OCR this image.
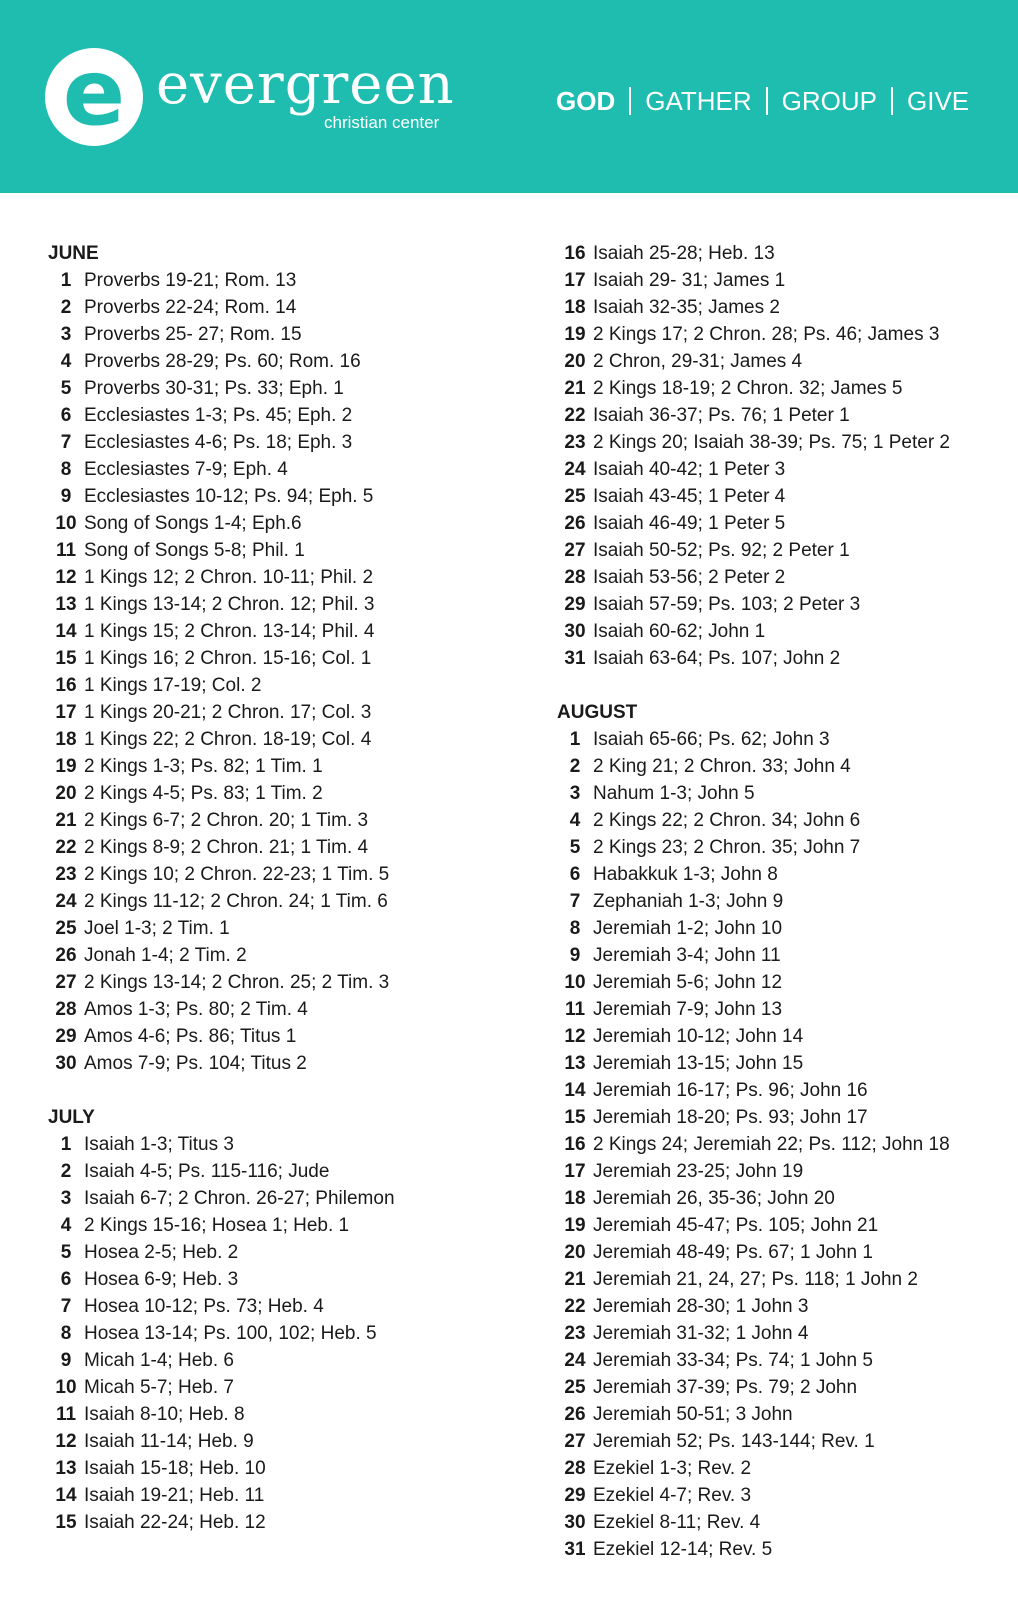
e evergreen
christian center
GOD GATHER GROUP GIVE
JUNE
1 Proverbs 19-21; Rom. 13
2 Proverbs 22-24; Rom. 14
3 Proverbs 25- 27; Rom. 15
4 Proverbs 28-29; Ps. 60; Rom. 16
5 Proverbs 30-31; Ps. 33; Eph. 1
6 Ecclesiastes 1-3; Ps. 45; Eph. 2
7 Ecclesiastes 4-6; Ps. 18; Eph. 3
8 Ecclesiastes 7-9; Eph. 4
9 Ecclesiastes 10-12; Ps. 94; Eph. 5
10 Song of Songs 1-4; Eph.6
11 Song of Songs 5-8; Phil. 1
12 1 Kings 12; 2 Chron. 10-11; Phil. 2
13 1 Kings 13-14; 2 Chron. 12; Phil. 3
14 1 Kings 15; 2 Chron. 13-14; Phil. 4
15 1 Kings 16; 2 Chron. 15-16; Col. 1
16 1 Kings 17-19; Col. 2
17 1 Kings 20-21; 2 Chron. 17; Col. 3
18 1 Kings 22; 2 Chron. 18-19; Col. 4
19 2 Kings 1-3; Ps. 82; 1 Tim. 1
20 2 Kings 4-5; Ps. 83; 1 Tim. 2
21 2 Kings 6-7; 2 Chron. 20; 1 Tim. 3
22 2 Kings 8-9; 2 Chron. 21; 1 Tim. 4
23 2 Kings 10; 2 Chron. 22-23; 1 Tim. 5
24 2 Kings 11-12; 2 Chron. 24; 1 Tim. 6
25 Joel 1-3; 2 Tim. 1
26 Jonah 1-4; 2 Tim. 2
27 2 Kings 13-14; 2 Chron. 25; 2 Tim. 3
28 Amos 1-3; Ps. 80; 2 Tim. 4
29 Amos 4-6; Ps. 86; Titus 1
30 Amos 7-9; Ps. 104; Titus 2
JULY
1 Isaiah 1-3; Titus 3
2 Isaiah 4-5; Ps. 115-116; Jude
3 Isaiah 6-7; 2 Chron. 26-27; Philemon
4 2 Kings 15-16; Hosea 1; Heb. 1
5 Hosea 2-5; Heb. 2
6 Hosea 6-9; Heb. 3
7 Hosea 10-12; Ps. 73; Heb. 4
8 Hosea 13-14; Ps. 100, 102; Heb. 5
9 Micah 1-4; Heb. 6
10 Micah 5-7; Heb. 7
11 Isaiah 8-10; Heb. 8
12 Isaiah 11-14; Heb. 9
13 Isaiah 15-18; Heb. 10
14 Isaiah 19-21; Heb. 11
15 Isaiah 22-24; Heb. 12
16 Isaiah 25-28; Heb. 13
17 Isaiah 29- 31; James 1
18 Isaiah 32-35; James 2
19 2 Kings 17; 2 Chron. 28; Ps. 46; James 3
20 2 Chron, 29-31; James 4
21 2 Kings 18-19; 2 Chron. 32; James 5
22 Isaiah 36-37; Ps. 76; 1 Peter 1
23 2 Kings 20; Isaiah 38-39; Ps. 75; 1 Peter 2
24 Isaiah 40-42; 1 Peter 3
25 Isaiah 43-45; 1 Peter 4
26 Isaiah 46-49; 1 Peter 5
27 Isaiah 50-52; Ps. 92; 2 Peter 1
28 Isaiah 53-56; 2 Peter 2
29 Isaiah 57-59; Ps. 103; 2 Peter 3
30 Isaiah 60-62; John 1
31 Isaiah 63-64; Ps. 107; John 2
AUGUST
1 Isaiah 65-66; Ps. 62; John 3
2 2 King 21; 2 Chron. 33; John 4
3 Nahum 1-3; John 5
4 2 Kings 22; 2 Chron. 34; John 6
5 2 Kings 23; 2 Chron. 35; John 7
6 Habakkuk 1-3; John 8
7 Zephaniah 1-3; John 9
8 Jeremiah 1-2; John 10
9 Jeremiah 3-4; John 11
10 Jeremiah 5-6; John 12
11 Jeremiah 7-9; John 13
12 Jeremiah 10-12; John 14
13 Jeremiah 13-15; John 15
14 Jeremiah 16-17; Ps. 96; John 16
15 Jeremiah 18-20; Ps. 93; John 17
16 2 Kings 24; Jeremiah 22; Ps. 112; John 18
17 Jeremiah 23-25; John 19
18 Jeremiah 26, 35-36; John 20
19 Jeremiah 45-47; Ps. 105; John 21
20 Jeremiah 48-49; Ps. 67; 1 John 1
21 Jeremiah 21, 24, 27; Ps. 118; 1 John 2
22 Jeremiah 28-30; 1 John 3
23 Jeremiah 31-32; 1 John 4
24 Jeremiah 33-34; Ps. 74; 1 John 5
25 Jeremiah 37-39; Ps. 79; 2 John
26 Jeremiah 50-51; 3 John
27 Jeremiah 52; Ps. 143-144; Rev. 1
28 Ezekiel 1-3; Rev. 2
29 Ezekiel 4-7; Rev. 3
30 Ezekiel 8-11; Rev. 4
31 Ezekiel 12-14; Rev. 5
